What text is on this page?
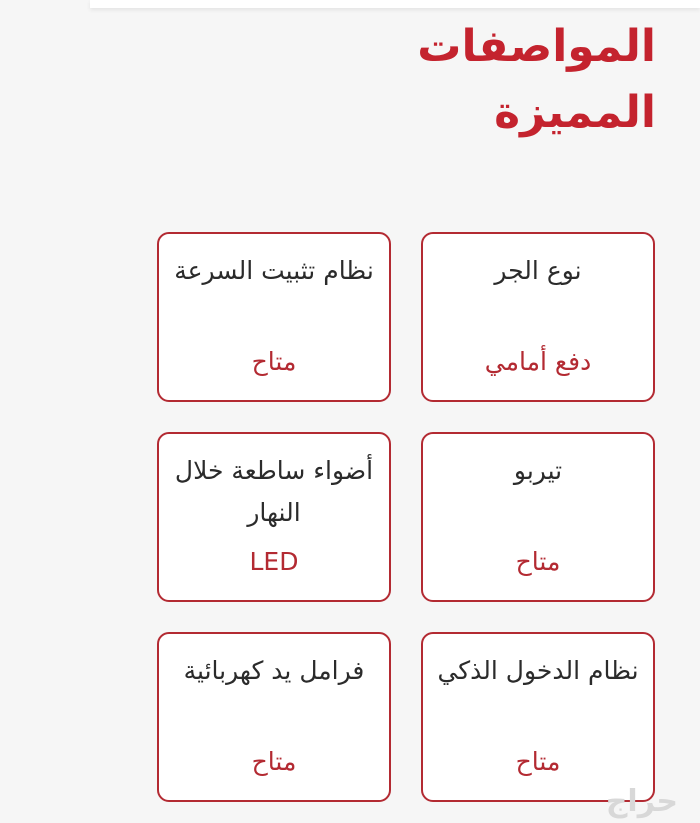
المواصفات المميزة
نوع الجر
دفع أمامي
نظام تثبيت السرعة
متاح
تيربو
متاح
أضواء ساطعة خلال النهار
LED
نظام الدخول الذكي
متاح
فرامل يد كهربائية
متاح
حراج
